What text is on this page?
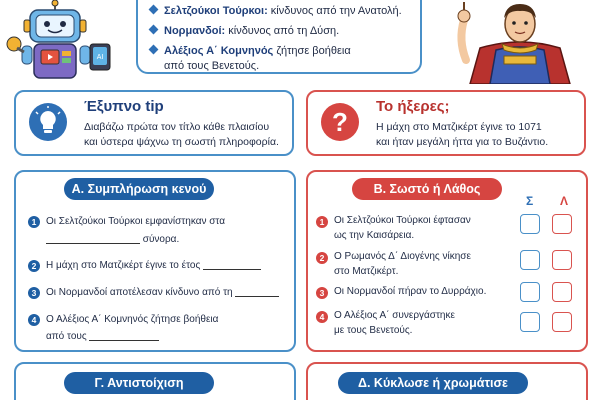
AI
Σελτζούκοι Τούρκοι: κίνδυνος από την Ανατολή.
Νορμανδοί: κίνδυνος από τη Δύση.
Αλέξιος Α΄ Κομνηνός ζήτησε βοήθεια
από τους Βενετούς.
Έξυπνο tip
Διαβάζω πρώτα τον τίτλο κάθε πλαισίου
και ύστερα ψάχνω τη σωστή πληροφορία.
?
Το ήξερες;
Η μάχη στο Ματζικέρτ έγινε το 1071
και ήταν μεγάλη ήττα για το Βυζάντιο.
Α. Συμπλήρωση κενού
1 Οι Σελτζούκοι Τούρκοι εμφανίστηκαν στα
σύνορα.
2 Η μάχη στο Ματζικέρτ έγινε το έτος
3 Οι Νορμανδοί αποτέλεσαν κίνδυνο από τη
4 Ο Αλέξιος Α΄ Κομνηνός ζήτησε βοήθεια
από τους
Β. Σωστό ή Λάθος
Σ Λ
1 Οι Σελτζούκοι Τούρκοι έφτασαν
ως την Καισάρεια.
2 Ο Ρωμανός Δ΄ Διογένης νίκησε
στο Ματζικέρτ.
3 Οι Νορμανδοί πήραν το Δυρράχιο.
4 Ο Αλέξιος Α΄ συνεργάστηκε
με τους Βενετούς.
Γ. Αντιστοίχιση	Δ. Κύκλωσε ή χρωμάτισε
